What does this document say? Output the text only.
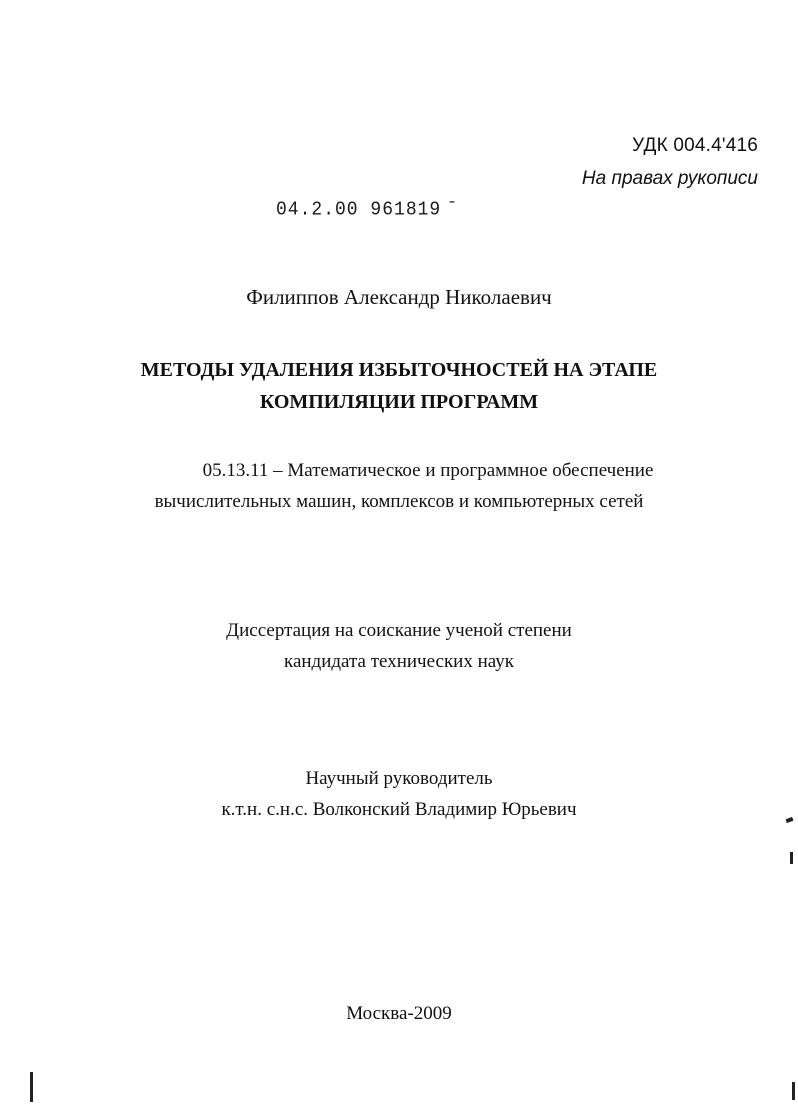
УДК 004.4'416
На правах рукописи
04.2.00 961819 ̄
Филиппов Александр Николаевич
МЕТОДЫ УДАЛЕНИЯ ИЗБЫТОЧНОСТЕЙ НА ЭТАПЕ
КОМПИЛЯЦИИ ПРОГРАММ
05.13.11 – Математическое и программное обеспечение
вычислительных машин, комплексов и компьютерных сетей
Диссертация на соискание ученой степени
кандидата технических наук
Научный руководитель
к.т.н. с.н.с. Волконский Владимир Юрьевич
Москва-2009
